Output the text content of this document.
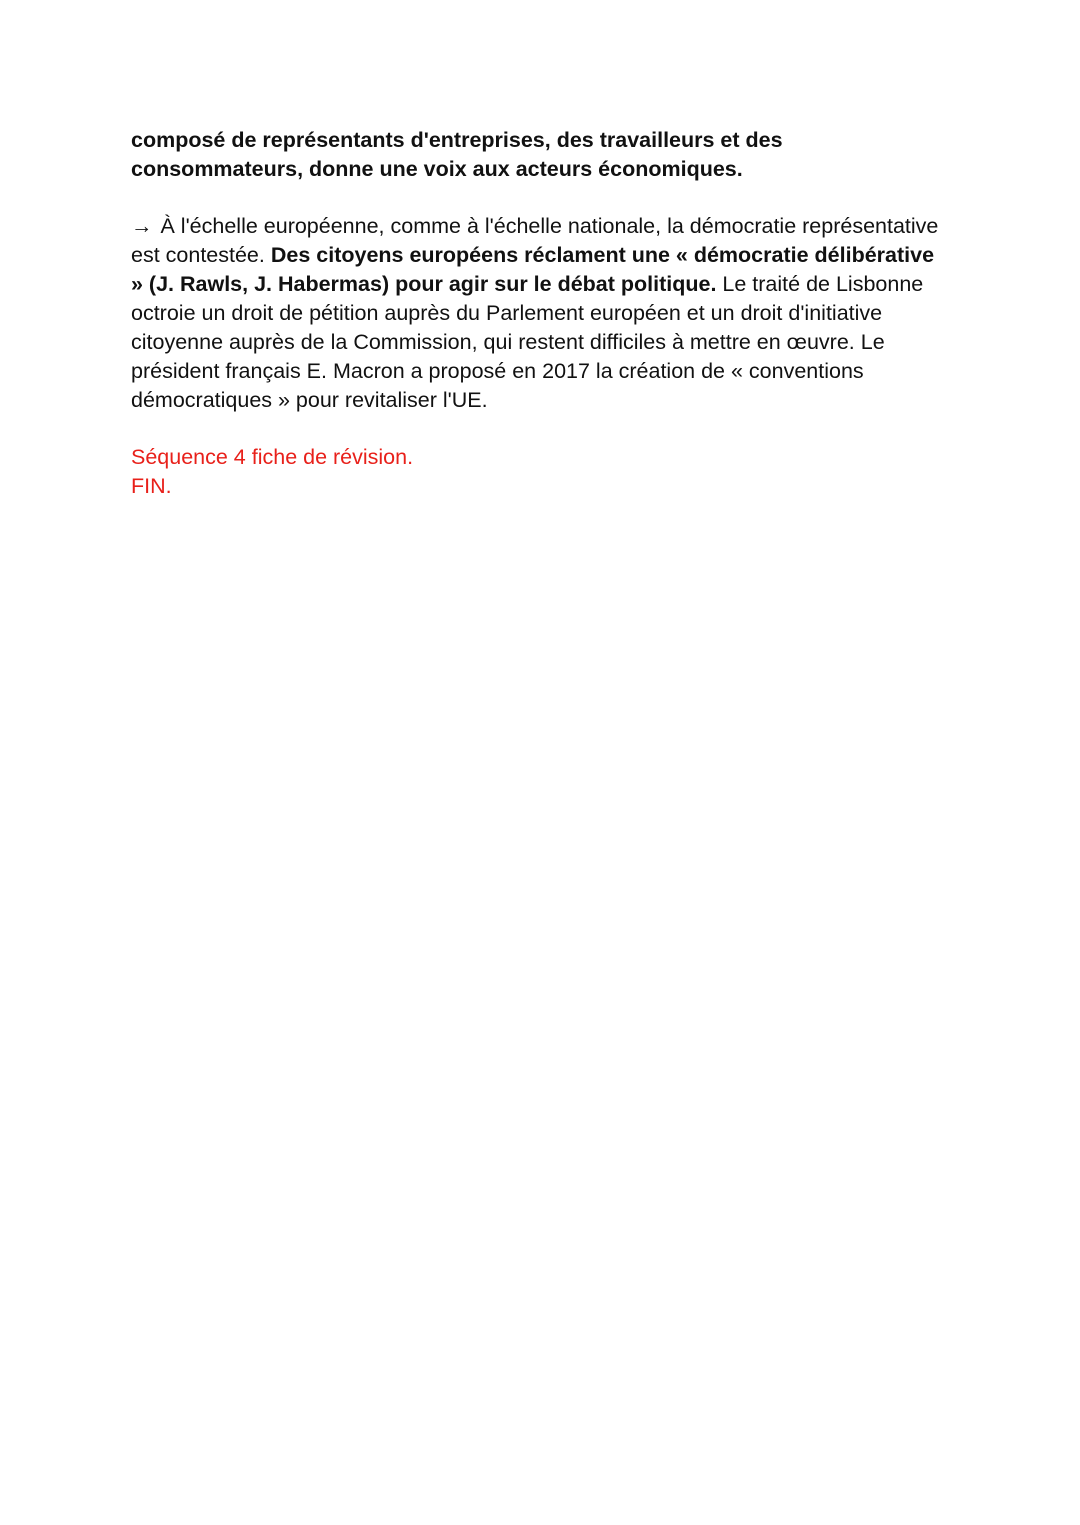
composé de représentants d'entreprises, des travailleurs et des consommateurs, donne une voix aux acteurs économiques.

→ À l'échelle européenne, comme à l'échelle nationale, la démocratie représentative est contestée. Des citoyens européens réclament une « démocratie délibérative » (J. Rawls, J. Habermas) pour agir sur le débat politique. Le traité de Lisbonne octroie un droit de pétition auprès du Parlement européen et un droit d'initiative citoyenne auprès de la Commission, qui restent difficiles à mettre en œuvre. Le président français E. Macron a proposé en 2017 la création de « conventions démocratiques » pour revitaliser l'UE.

Séquence 4 fiche de révision.
FIN.
